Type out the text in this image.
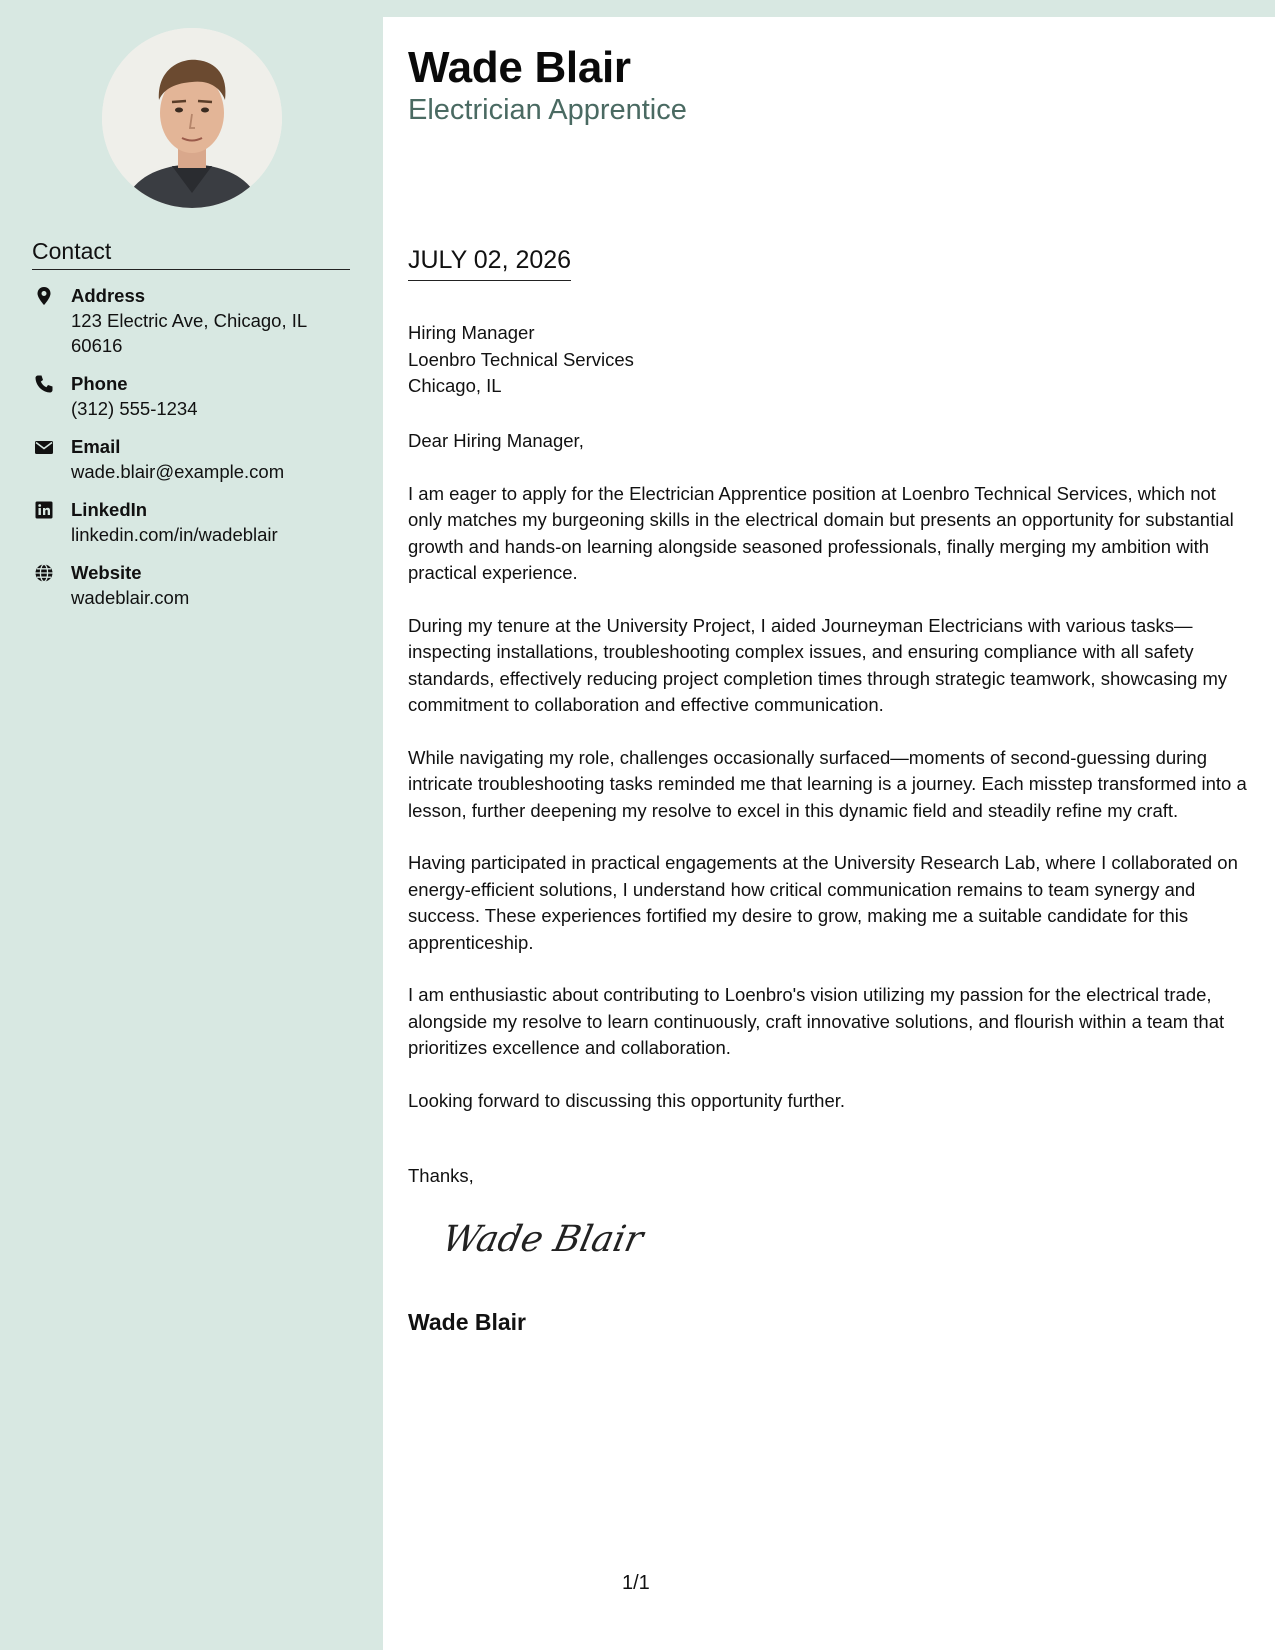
Contact
Address
123 Electric Ave, Chicago, IL
60616
Phone
(312) 555-1234
Email
wade.blair@example.com
LinkedIn
linkedin.com/in/wadeblair
Website
wadeblair.com
Wade Blair
Electrician Apprentice
JULY 02, 2026
Hiring Manager
Loenbro Technical Services
Chicago, IL

Dear Hiring Manager,

I am eager to apply for the Electrician Apprentice position at Loenbro Technical Services, which not only matches my burgeoning skills in the electrical domain but presents an opportunity for substantial growth and hands-on learning alongside seasoned professionals, finally merging my ambition with practical experience.

During my tenure at the University Project, I aided Journeyman Electricians with various tasks—inspecting installations, troubleshooting complex issues, and ensuring compliance with all safety standards, effectively reducing project completion times through strategic teamwork, showcasing my commitment to collaboration and effective communication.

While navigating my role, challenges occasionally surfaced—moments of second-guessing during intricate troubleshooting tasks reminded me that learning is a journey. Each misstep transformed into a lesson, further deepening my resolve to excel in this dynamic field and steadily refine my craft.

Having participated in practical engagements at the University Research Lab, where I collaborated on energy-efficient solutions, I understand how critical communication remains to team synergy and success. These experiences fortified my desire to grow, making me a suitable candidate for this apprenticeship.

I am enthusiastic about contributing to Loenbro's vision utilizing my passion for the electrical trade, alongside my resolve to learn continuously, craft innovative solutions, and flourish within a team that prioritizes excellence and collaboration.

Looking forward to discussing this opportunity further.

Thanks,
Wade Blair
Wade Blair
1/1
